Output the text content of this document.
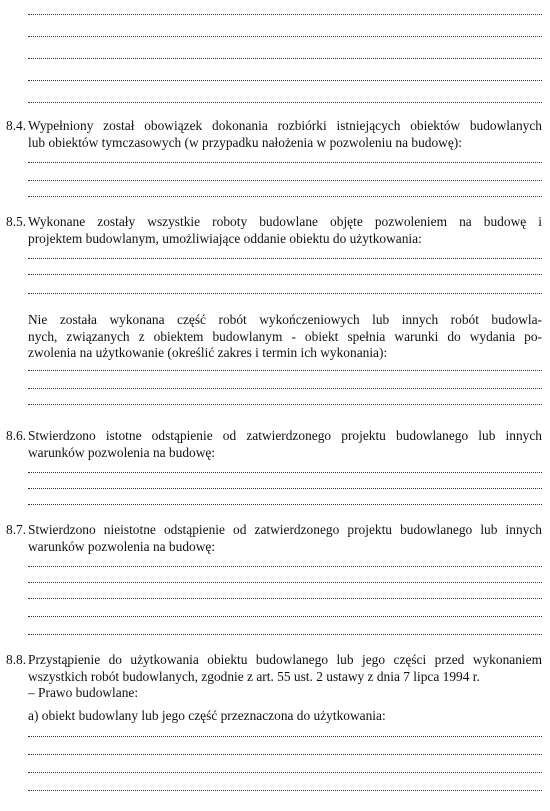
8.4. Wypełniony został obowiązek dokonania rozbiórki istniejących obiektów budowlanych
lub obiektów tymczasowych (w przypadku nałożenia w pozwoleniu na budowę):
8.5. Wykonane zostały wszystkie roboty budowlane objęte pozwoleniem na budowę i
projektem budowlanym, umożliwiające oddanie obiektu do użytkowania:
Nie została wykonana część robót wykończeniowych lub innych robót budowla-
nych, związanych z obiektem budowlanym - obiekt spełnia warunki do wydania po-
zwolenia na użytkowanie (określić zakres i termin ich wykonania):
8.6. Stwierdzono istotne odstąpienie od zatwierdzonego projektu budowlanego lub innych
warunków pozwolenia na budowę:
8.7. Stwierdzono nieistotne odstąpienie od zatwierdzonego projektu budowlanego lub innych
warunków pozwolenia na budowę:
8.8. Przystąpienie do użytkowania obiektu budowlanego lub jego części przed wykonaniem
wszystkich robót budowlanych, zgodnie z art. 55 ust. 2 ustawy z dnia 7 lipca 1994 r.
– Prawo budowlane:
a) obiekt budowlany lub jego część przeznaczona do użytkowania:
